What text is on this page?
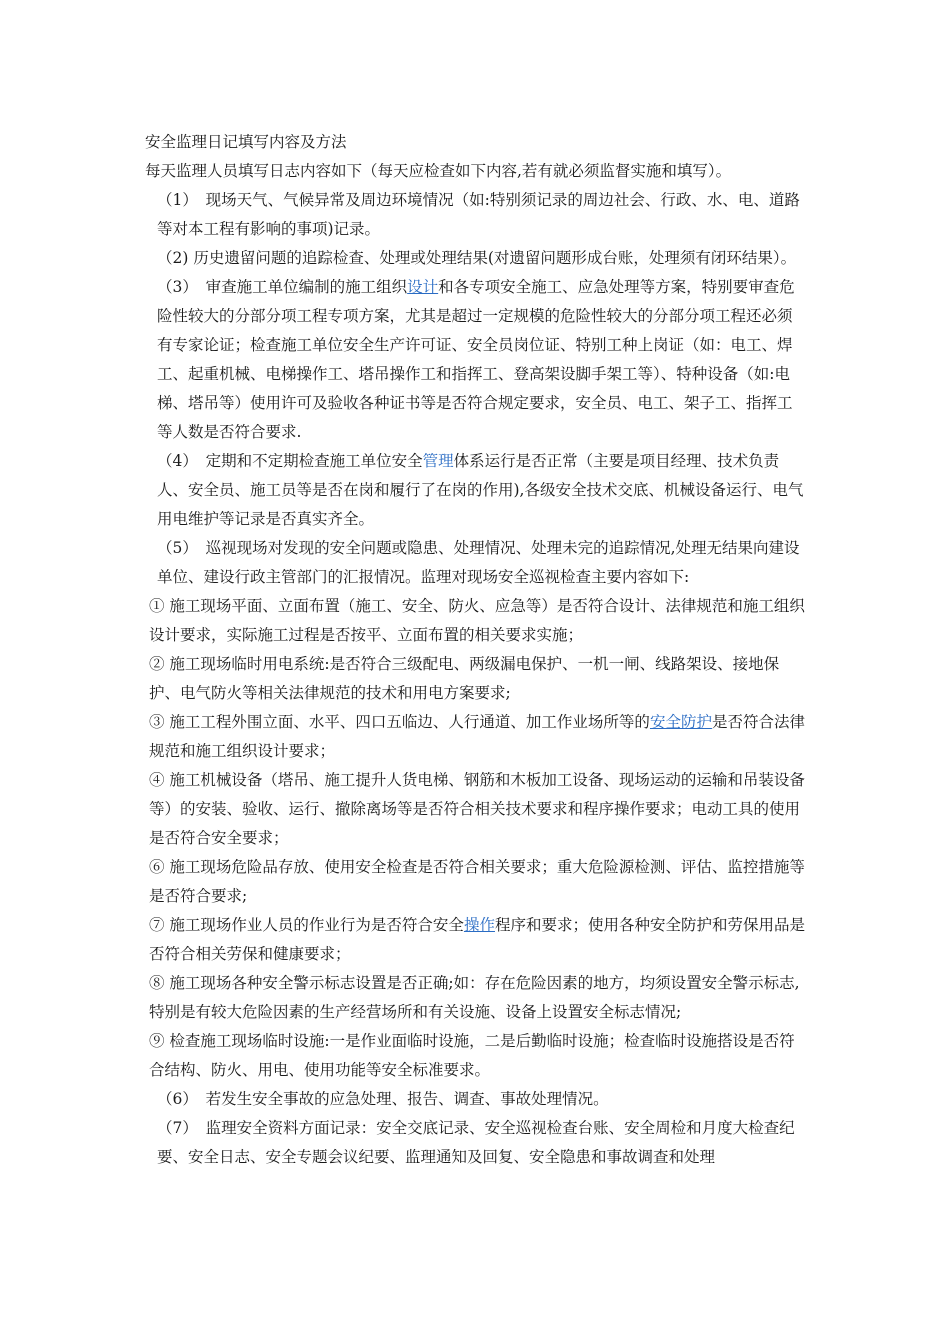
安全监理日记填写内容及方法

每天监理人员填写日志内容如下（每天应检查如下内容,若有就必须监督实施和填写）。

（1）　现场天气、气候异常及周边环境情况（如:特别须记录的周边社会、行政、水、电、道路等对本工程有影响的事项)记录。

（2) 历史遗留问题的追踪检查、处理或处理结果(对遗留问题形成台账，处理须有闭环结果）。

（3）　审查施工单位编制的施工组织设计和各专项安全施工、应急处理等方案，特别要审查危险性较大的分部分项工程专项方案，尤其是超过一定规模的危险性较大的分部分项工程还必须有专家论证；检查施工单位安全生产许可证、安全员岗位证、特别工种上岗证（如：电工、焊工、起重机械、电梯操作工、塔吊操作工和指挥工、登高架设脚手架工等）、特种设备（如:电梯、塔吊等）使用许可及验收各种证书等是否符合规定要求，安全员、电工、架子工、指挥工等人数是否符合要求.

（4）　定期和不定期检查施工单位安全管理体系运行是否正常（主要是项目经理、技术负责人、安全员、施工员等是否在岗和履行了在岗的作用),各级安全技术交底、机械设备运行、电气用电维护等记录是否真实齐全。

（5）　巡视现场对发现的安全问题或隐患、处理情况、处理未完的追踪情况,处理无结果向建设单位、建设行政主管部门的汇报情况。监理对现场安全巡视检查主要内容如下:

① 施工现场平面、立面布置（施工、安全、防火、应急等）是否符合设计、法律规范和施工组织设计要求，实际施工过程是否按平、立面布置的相关要求实施；

② 施工现场临时用电系统:是否符合三级配电、两级漏电保护、一机一闸、线路架设、接地保护、电气防火等相关法律规范的技术和用电方案要求;

③ 施工工程外围立面、水平、四口五临边、人行通道、加工作业场所等的安全防护是否符合法律规范和施工组织设计要求；

④ 施工机械设备（塔吊、施工提升人货电梯、钢筋和木板加工设备、现场运动的运输和吊装设备等）的安装、验收、运行、撤除离场等是否符合相关技术要求和程序操作要求；电动工具的使用是否符合安全要求；

⑥ 施工现场危险品存放、使用安全检查是否符合相关要求；重大危险源检测、评估、监控措施等是否符合要求;

⑦ 施工现场作业人员的作业行为是否符合安全操作程序和要求；使用各种安全防护和劳保用品是否符合相关劳保和健康要求；

⑧ 施工现场各种安全警示标志设置是否正确;如：存在危险因素的地方，均须设置安全警示标志,特别是有较大危险因素的生产经营场所和有关设施、设备上设置安全标志情况;

⑨ 检查施工现场临时设施:一是作业面临时设施，二是后勤临时设施；检查临时设施搭设是否符合结构、防火、用电、使用功能等安全标准要求。

（6）　若发生安全事故的应急处理、报告、调查、事故处理情况。

（7）　监理安全资料方面记录：安全交底记录、安全巡视检查台账、安全周检和月度大检查纪要、安全日志、安全专题会议纪要、监理通知及回复、安全隐患和事故调查和处理
